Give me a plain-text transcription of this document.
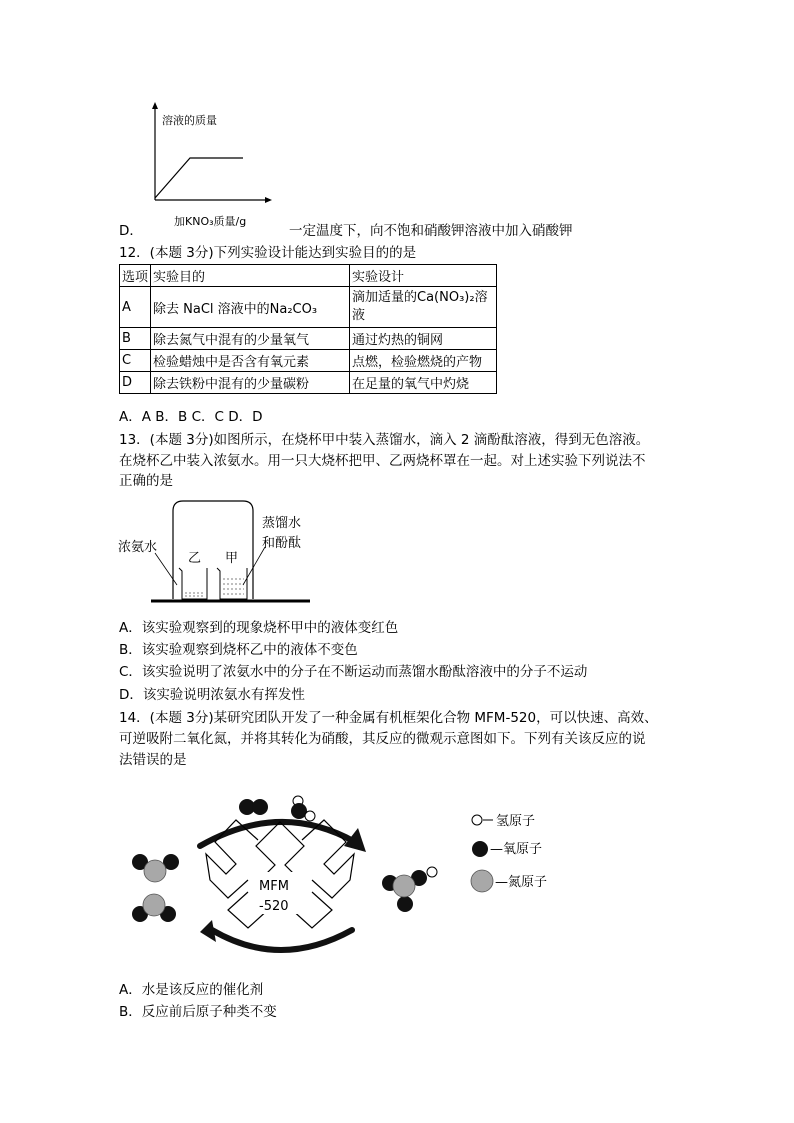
溶液的质量
加KNO₃质量/g
D．	一定温度下，向不饱和硝酸钾溶液中加入硝酸钾
12．(本题 3分)下列实验设计能达到实验目的的是
选项	实验目的	实验设计
A	除去 NaCl 溶液中的Na₂CO₃	滴加适量的Ca(NO₃)₂溶液
B	除去氮气中混有的少量氧气	通过灼热的铜网
C	检验蜡烛中是否含有氧元素	点燃，检验燃烧的产物
D	除去铁粉中混有的少量碳粉	在足量的氧气中灼烧
A．A B．B C．C D．D
13．(本题 3分)如图所示，在烧杯甲中装入蒸馏水，滴入 2 滴酚酞溶液，得到无色溶液。
在烧杯乙中装入浓氨水。用一只大烧杯把甲、乙两烧杯罩在一起。对上述实验下列说法不
正确的是
浓氨水
乙 甲
蒸馏水
和酚酞
A．该实验观察到的现象烧杯甲中的液体变红色
B．该实验观察到烧杯乙中的液体不变色
C．该实验说明了浓氨水中的分子在不断运动而蒸馏水酚酞溶液中的分子不运动
D．该实验说明浓氨水有挥发性
14．(本题 3分)某研究团队开发了一种金属有机框架化合物 MFM-520，可以快速、高效、
可逆吸附二氧化氮，并将其转化为硝酸，其反应的微观示意图如下。下列有关该反应的说
法错误的是
MFM
-520
氢原子
—氧原子
—氮原子
A．水是该反应的催化剂
B．反应前后原子种类不变
